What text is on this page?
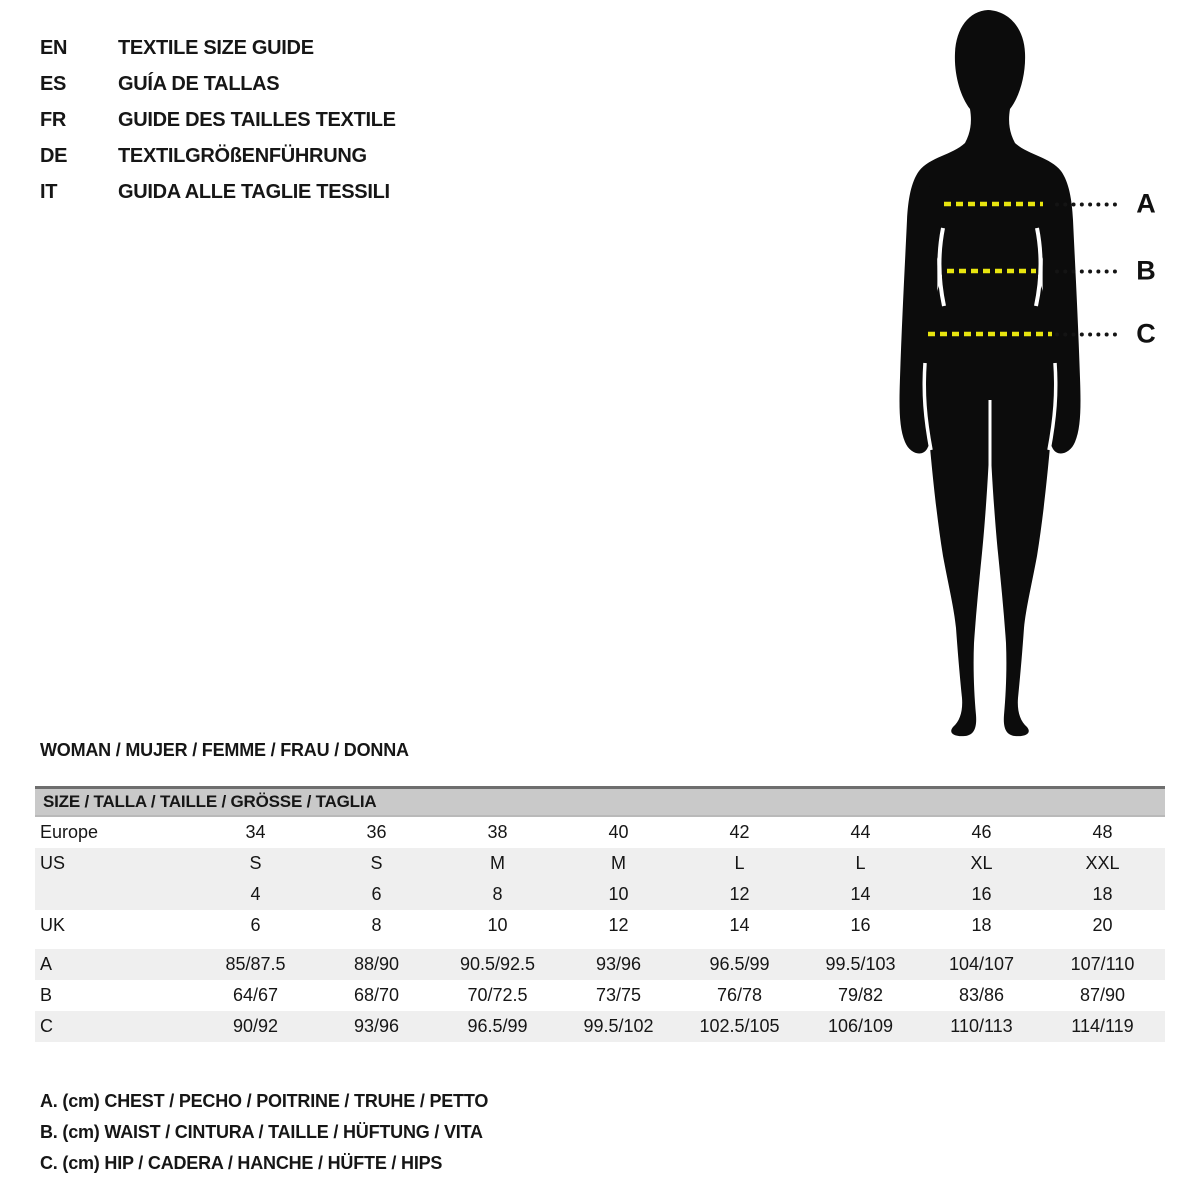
EN	TEXTILE SIZE GUIDE
ES	GUÍA DE TALLAS
FR	GUIDE DES TAILLES TEXTILE
DE	TEXTILGRÖßENFÜHRUNG
IT	GUIDA ALLE TAGLIE TESSILI	A
B
C
WOMAN / MUJER / FEMME / FRAU / DONNA
SIZE / TALLA / TAILLE / GRÖSSE / TAGLIA
Europe	34	36	38	40	42	44	46	48
US	S	S	M	M	L	L	XL	XXL
4	6	8	10	12	14	16	18
UK	6	8	10	12	14	16	18	20
A	85/87.5	88/90	90.5/92.5	93/96	96.5/99	99.5/103	104/107	107/110
B	64/67	68/70	70/72.5	73/75	76/78	79/82	83/86	87/90
C	90/92	93/96	96.5/99	99.5/102	102.5/105	106/109	110/113	114/119
A. (cm) CHEST / PECHO / POITRINE / TRUHE / PETTO
B. (cm) WAIST / CINTURA / TAILLE / HÜFTUNG / VITA
C. (cm) HIP / CADERA / HANCHE / HÜFTE / HIPS
